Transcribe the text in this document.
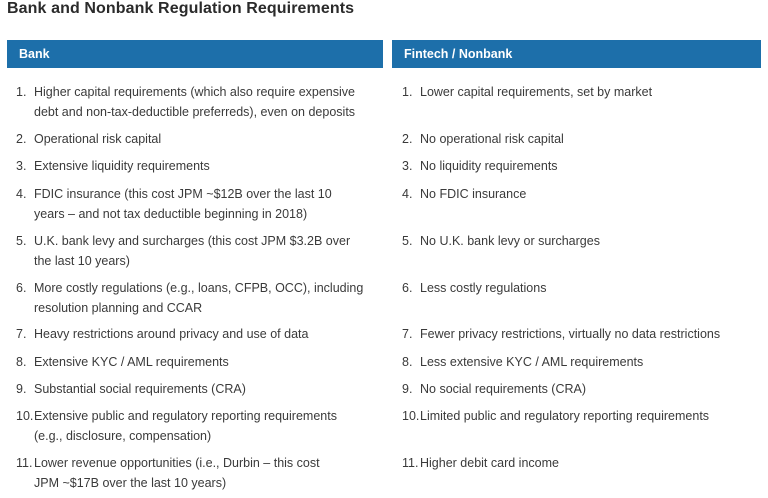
Bank and Nonbank Regulation Requirements
Bank	Fintech / Nonbank
1. Higher capital requirements (which also require expensive
debt and non-tax-deductible preferreds), even on deposits
2. Operational risk capital
3. Extensive liquidity requirements
4. FDIC insurance (this cost JPM ~$12B over the last 10
years – and not tax deductible beginning in 2018)
5. U.K. bank levy and surcharges (this cost JPM $3.2B over
the last 10 years)
6. More costly regulations (e.g., loans, CFPB, OCC), including
resolution planning and CCAR
7. Heavy restrictions around privacy and use of data
8. Extensive KYC / AML requirements
9. Substantial social requirements (CRA)
10. Extensive public and regulatory reporting requirements
(e.g., disclosure, compensation)
11. Lower revenue opportunities (i.e., Durbin – this cost
JPM ~$17B over the last 10 years)
1. Lower capital requirements, set by market
2. No operational risk capital
3. No liquidity requirements
4. No FDIC insurance
5. No U.K. bank levy or surcharges
6. Less costly regulations
7. Fewer privacy restrictions, virtually no data restrictions
8. Less extensive KYC / AML requirements
9. No social requirements (CRA)
10. Limited public and regulatory reporting requirements
11. Higher debit card income
